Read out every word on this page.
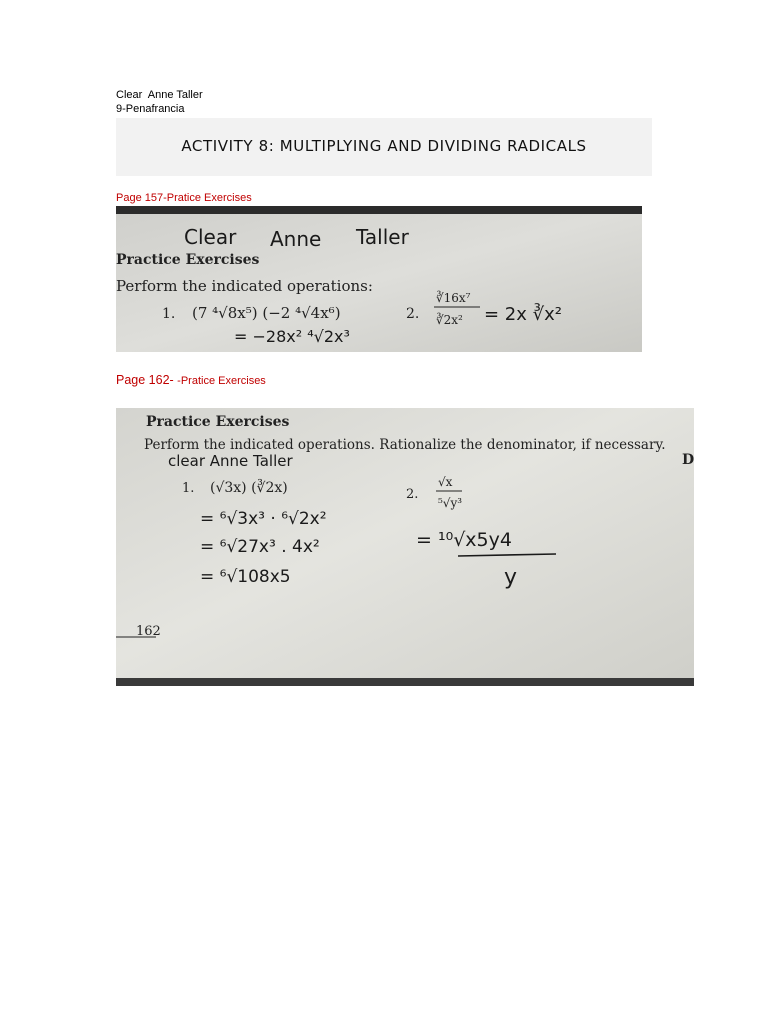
Clear  Anne Taller
9-Penafrancia
ACTIVITY 8: MULTIPLYING AND DIVIDING RADICALS
Page 157-Pratice Exercises
Clear Anne Taller
Practice Exercises
Perform the indicated operations:
1. (7 ⁴√8x⁵) (−2 ⁴√4x⁶)
= −28x² ⁴√2x³
2.
∛16x⁷
∛2x² = 2x ∛x²
Page 162- -Pratice Exercises
Practice Exercises
Perform the indicated operations. Rationalize the denominator, if necessary.
D
clear Anne Taller
1. (√3x) (∛2x)
= ⁶√3x³ · ⁶√2x²
= ⁶√27x³ . 4x²
= ⁶√108x5
2.
√x
⁵√y³
= ¹⁰√x5y4
y
162
